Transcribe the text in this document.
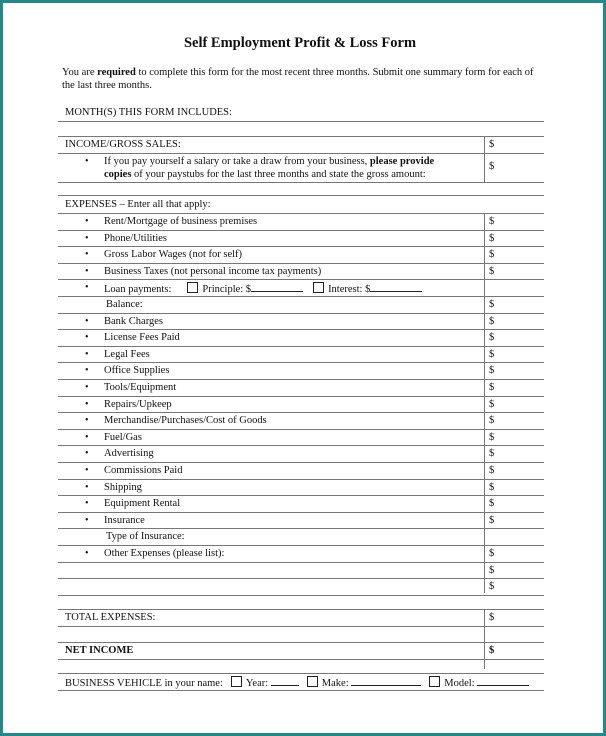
Self Employment Profit & Loss Form
You are required to complete this form for the most recent three months. Submit one summary form for each of the last three months.
MONTH(S) THIS FORM INCLUDES:
INCOME/GROSS SALES:	$
• If you pay yourself a salary or take a draw from your business, please provide
copies of your paystubs for the last three months and state the gross amount:
$
EXPENSES – Enter all that apply:
• Rent/Mortgage of business premises	$
• Phone/Utilities	$
• Gross Labor Wages (not for self)	$
• Business Taxes (not personal income tax payments)	$
• Loan payments:	Principle: $	Interest: $
Balance:	$
• Bank Charges	$
• License Fees Paid	$
• Legal Fees	$
• Office Supplies	$
• Tools/Equipment	$
• Repairs/Upkeep	$
• Merchandise/Purchases/Cost of Goods	$
• Fuel/Gas	$
• Advertising	$
• Commissions Paid	$
• Shipping	$
• Equipment Rental	$
• Insurance	$
Type of Insurance:
• Other Expenses (please list):	$
$
$
TOTAL EXPENSES:	$
NET INCOME	$
BUSINESS VEHICLE in your name: Year:	Make:	Model:
